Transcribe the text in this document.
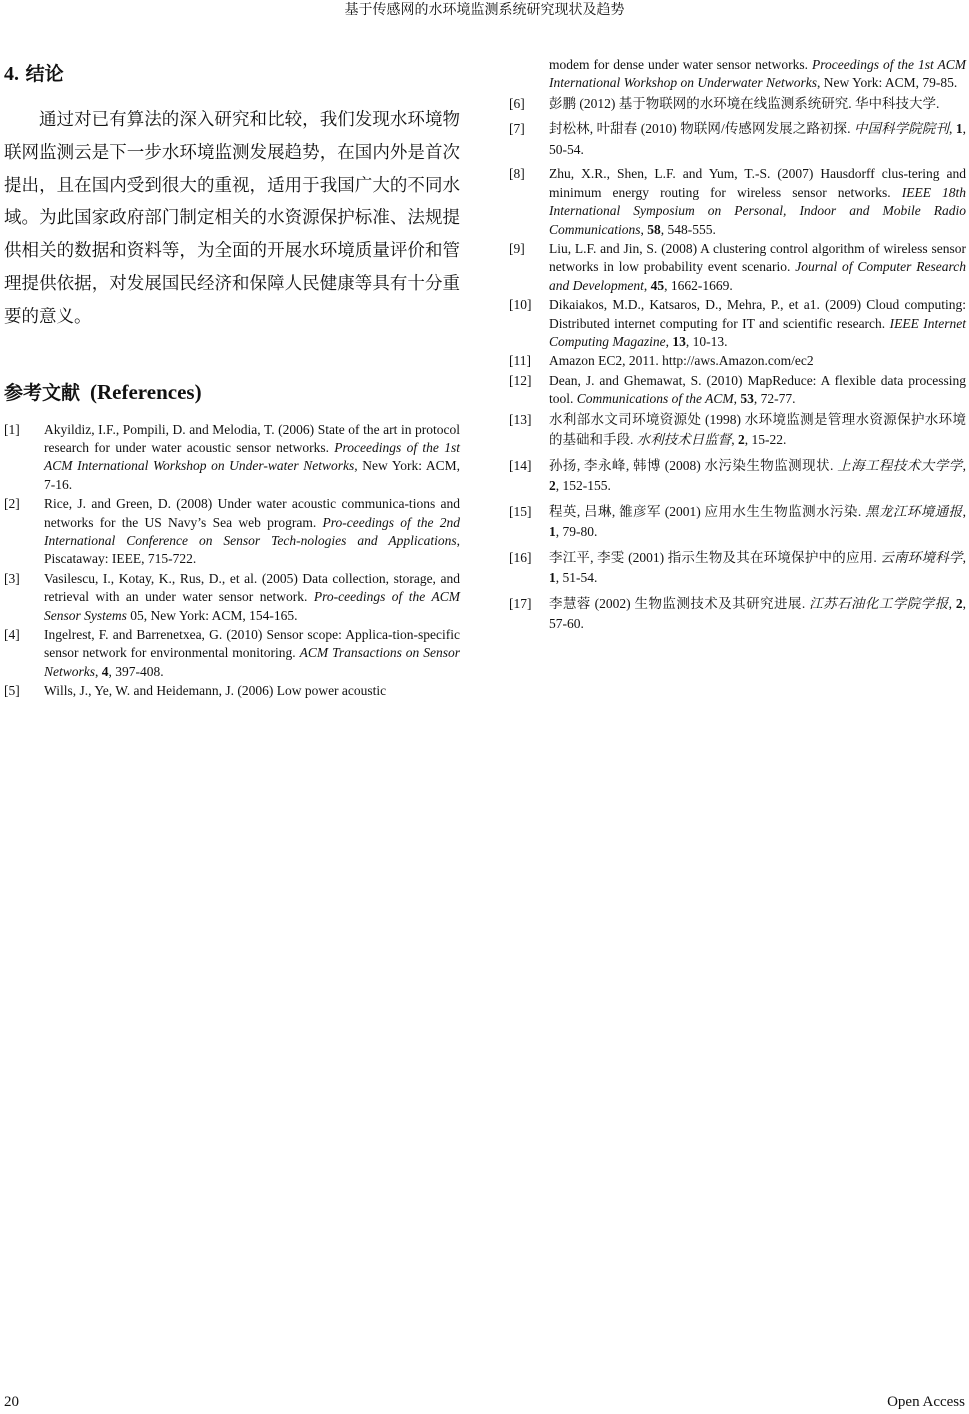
基于传感网的水环境监测系统研究现状及趋势
4. 结论

通过对已有算法的深入研究和比较，我们发现水环境物联网监测云是下一步水环境监测发展趋势，在国内外是首次提出，且在国内受到很大的重视，适用于我国广大的不同水域。为此国家政府部门制定相关的水资源保护标准、法规提供相关的数据和资料等，为全面的开展水环境质量评价和管理提供依据，对发展国民经济和保障人民健康等具有十分重要的意义。

参考文献 (References)
[1] Akyildiz, I.F., Pompili, D. and Melodia, T. (2006) State of the art in protocol research for under water acoustic sensor networks. Proceedings of the 1st ACM International Workshop on Under-water Networks, New York: ACM, 7-16.
[2] Rice, J. and Green, D. (2008) Under water acoustic communica-tions and networks for the US Navy’s Sea web program. Pro-ceedings of the 2nd International Conference on Sensor Tech-nologies and Applications, Piscataway: IEEE, 715-722.
[3] Vasilescu, I., Kotay, K., Rus, D., et al. (2005) Data collection, storage, and retrieval with an under water sensor network. Pro-ceedings of the ACM Sensor Systems 05, New York: ACM, 154-165.
[4] Ingelrest, F. and Barrenetxea, G. (2010) Sensor scope: Applica-tion-specific sensor network for environmental monitoring. ACM Transactions on Sensor Networks, 4, 397-408.
[5] Wills, J., Ye, W. and Heidemann, J. (2006) Low power acoustic
modem for dense under water sensor networks. Proceedings of the 1st ACM International Workshop on Underwater Networks, New York: ACM, 79-85.
[6] 彭鹏 (2012) 基于物联网的水环境在线监测系统研究. 华中科技大学.
[7] 封松林, 叶甜春 (2010) 物联网/传感网发展之路初探. 中国科学院院刊, 1, 50-54.
[8] Zhu, X.R., Shen, L.F. and Yum, T.-S. (2007) Hausdorff clus-tering and minimum energy routing for wireless sensor networks. IEEE 18th International Symposium on Personal, Indoor and Mobile Radio Communications, 58, 548-555.
[9] Liu, L.F. and Jin, S. (2008) A clustering control algorithm of wireless sensor networks in low probability event scenario. Journal of Computer Research and Development, 45, 1662-1669.
[10] Dikaiakos, M.D., Katsaros, D., Mehra, P., et a1. (2009) Cloud computing: Distributed internet computing for IT and scientific research. IEEE Internet Computing Magazine, 13, 10-13.
[11] Amazon EC2, 2011. http://aws.Amazon.com/ec2
[12] Dean, J. and Ghemawat, S. (2010) MapReduce: A flexible data processing tool. Communications of the ACM, 53, 72-77.
[13] 水利部水文司环境资源处 (1998) 水环境监测是管理水资源保护水环境的基础和手段. 水利技术日监督, 2, 15-22.
[14] 孙扬, 李永峰, 韩博 (2008) 水污染生物监测现状. 上海工程技术大学学, 2, 152-155.
[15] 程英, 吕琳, 雒彦军 (2001) 应用水生生物监测水污染. 黑龙江环境通报, 1, 79-80.
[16] 李江平, 李雯 (2001) 指示生物及其在环境保护中的应用. 云南环境科学, 1, 51-54.
[17] 李慧蓉 (2002) 生物监测技术及其研究进展. 江苏石油化工学院学报, 2, 57-60.
20	Open Access
